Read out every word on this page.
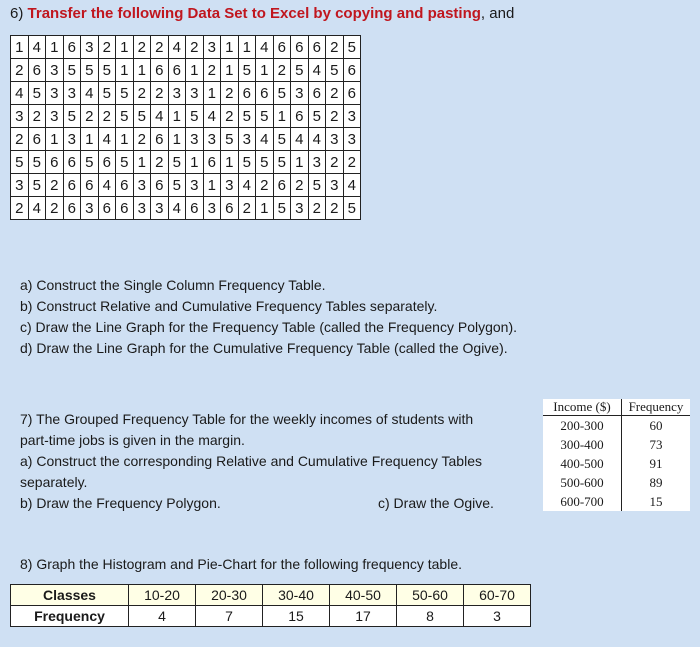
6) Transfer the following Data Set to Excel by copying and pasting, and
1	4	1	6	3	2	1	2	2	4	2	3	1	1	4	6	6	6	2	5
2	6	3	5	5	5	1	1	6	6	1	2	1	5	1	2	5	4	5	6
4	5	3	3	4	5	5	2	2	3	3	1	2	6	6	5	3	6	2	6
3	2	3	5	2	2	5	5	4	1	5	4	2	5	5	1	6	5	2	3
2	6	1	3	1	4	1	2	6	1	3	3	5	3	4	5	4	4	3	3
5	5	6	6	5	6	5	1	2	5	1	6	1	5	5	5	1	3	2	2
3	5	2	6	6	4	6	3	6	5	3	1	3	4	2	6	2	5	3	4
2	4	2	6	3	6	6	3	3	4	6	3	6	2	1	5	3	2	2	5
a) Construct the Single Column Frequency Table.
b) Construct Relative and Cumulative Frequency Tables separately.
c) Draw the Line Graph for the Frequency Table (called the Frequency Polygon).
d) Draw the Line Graph for the Cumulative Frequency Table (called the Ogive).
7) The Grouped Frequency Table for the weekly incomes of students with
part-time jobs is given in the margin.
a) Construct the corresponding Relative and Cumulative Frequency Tables
separately.
b) Draw the Frequency Polygon.	c) Draw the Ogive.
Income ($)	Frequency
200-300	60
300-400	73
400-500	91
500-600	89
600-700	15
8) Graph the Histogram and Pie-Chart for the following frequency table.
Classes	10-20	20-30	30-40	40-50	50-60	60-70
Frequency	4	7	15	17	8	3
